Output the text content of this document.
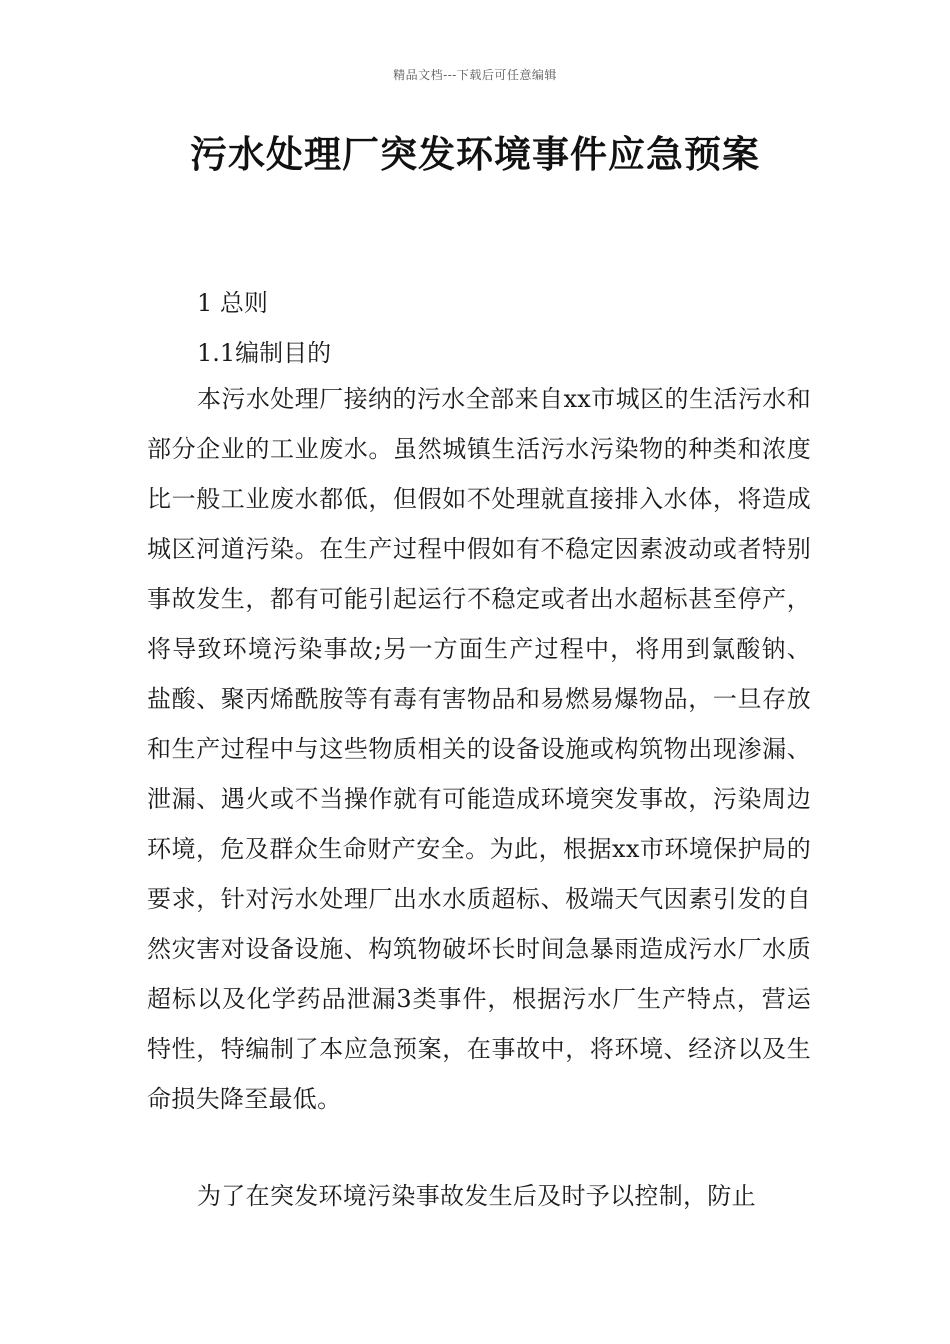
精品文档---下载后可任意编辑
污水处理厂突发环境事件应急预案
1 总则
1.1编制目的

本污水处理厂接纳的污水全部来自xx市城区的生活污水和部分企业的工业废水。虽然城镇生活污水污染物的种类和浓度比一般工业废水都低，但假如不处理就直接排入水体，将造成城区河道污染。在生产过程中假如有不稳定因素波动或者特别事故发生，都有可能引起运行不稳定或者出水超标甚至停产，将导致环境污染事故;另一方面生产过程中，将用到氯酸钠、盐酸、聚丙烯酰胺等有毒有害物品和易燃易爆物品，一旦存放和生产过程中与这些物质相关的设备设施或构筑物出现渗漏、泄漏、遇火或不当操作就有可能造成环境突发事故，污染周边环境，危及群众生命财产安全。为此，根据xx市环境保护局的要求，针对污水处理厂出水水质超标、极端天气因素引发的自然灾害对设备设施、构筑物破坏长时间急暴雨造成污水厂水质超标以及化学药品泄漏3类事件，根据污水厂生产特点，营运特性，特编制了本应急预案，在事故中，将环境、经济以及生命损失降至最低。

为了在突发环境污染事故发生后及时予以控制，防止
